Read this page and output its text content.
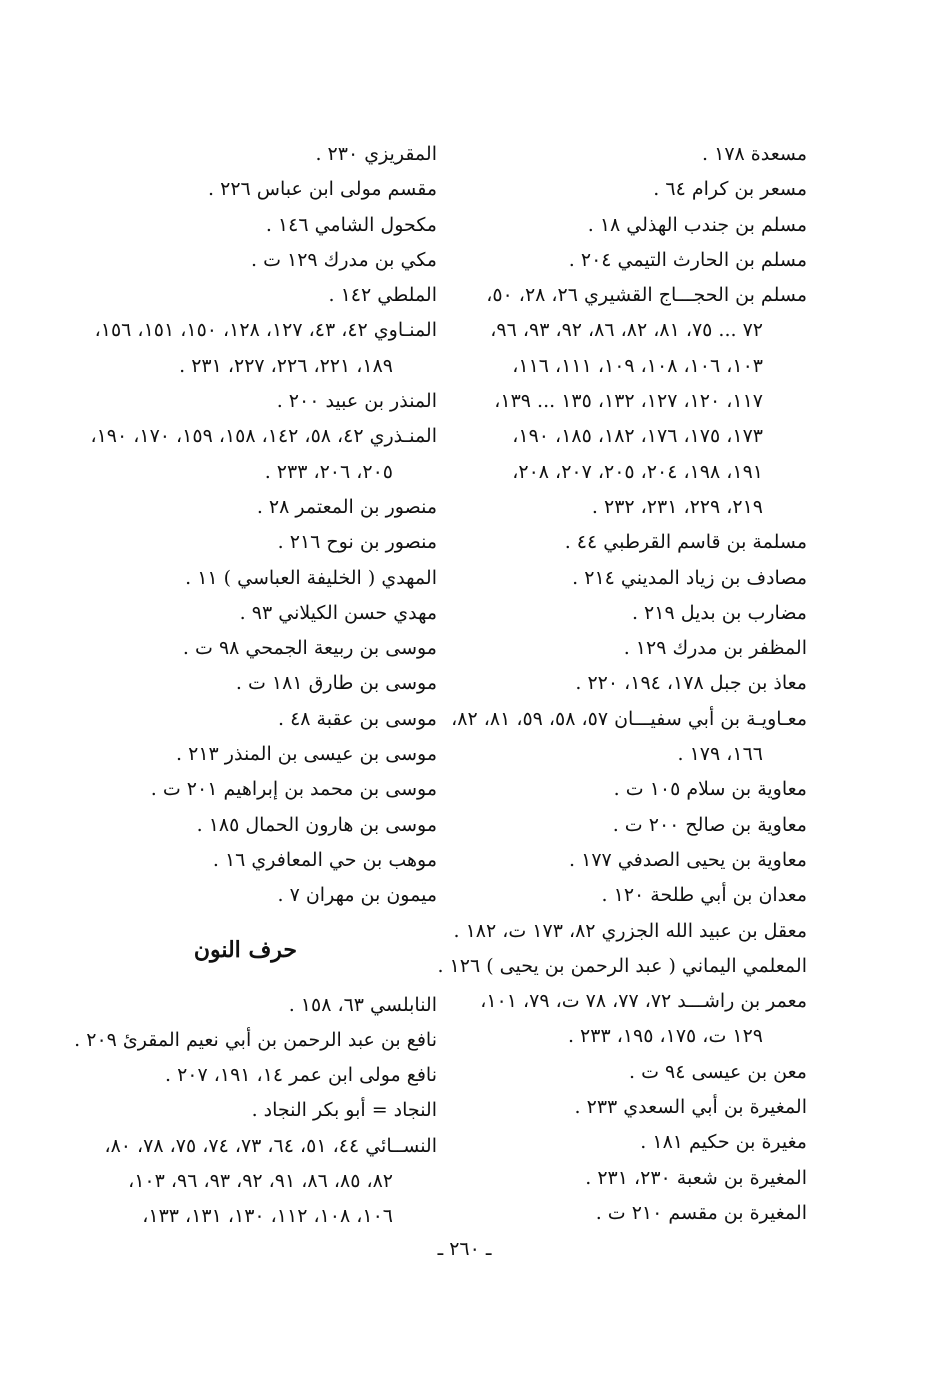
مسعدة ١٧٨ .
مسعر بن كرام ٦٤ .
مسلم بن جندب الهذلي ١٨ .
مسلم بن الحارث التيمي ٢٠٤ .
مسلم بن الحجـــاج القشيري ٢٦، ٢٨، ٥٠،
٧٢ ... ٧٥، ٨١، ٨٢، ٨٦، ٩٢، ٩٣، ٩٦،
١٠٣، ١٠٦، ١٠٨، ١٠٩، ١١١، ١١٦،
١١٧، ١٢٠، ١٢٧، ١٣٢، ١٣٥ ... ١٣٩،
١٧٣، ١٧٥، ١٧٦، ١٨٢، ١٨٥، ١٩٠،
١٩١، ١٩٨، ٢٠٤، ٢٠٥، ٢٠٧، ٢٠٨،
٢١٩، ٢٢٩، ٢٣١، ٢٣٢ .
مسلمة بن قاسم القرطبي ٤٤ .
مصادف بن زياد المديني ٢١٤ .
مضارب بن بديل ٢١٩ .
المظفر بن مدرك ١٢٩ .
معاذ بن جبل ١٧٨، ١٩٤، ٢٢٠ .
معـاويـة بن أبي سفيـــان ٥٧، ٥٨، ٥٩، ٨١، ٨٢،
١٦٦، ١٧٩ .
معاوية بن سلام ١٠٥ ت .
معاوية بن صالح ٢٠٠ ت .
معاوية بن يحيى الصدفي ١٧٧ .
معدان بن أبي طلحة ١٢٠ .
معقل بن عبيد الله الجزري ٨٢، ١٧٣ ت، ١٨٢ .
المعلمي اليماني ( عبد الرحمن بن يحيى ) ١٢٦ .
معمر بن راشـــد ٧٢، ٧٧، ٧٨ ت، ٧٩، ١٠١،
١٢٩ ت، ١٧٥، ١٩٥، ٢٣٣ .
معن بن عيسى ٩٤ ت .
المغيرة بن أبي السعدي ٢٣٣ .
مغيرة بن حكيم ١٨١ .
المغيرة بن شعبة ٢٣٠، ٢٣١ .
المغيرة بن مقسم ٢١٠ ت .
المقريزي ٢٣٠ .
مقسم مولى ابن عباس ٢٢٦ .
مكحول الشامي ١٤٦ .
مكي بن مدرك ١٢٩ ت .
الملطي ١٤٢ .
المنـاوي ٤٢، ٤٣، ١٢٧، ١٢٨، ١٥٠، ١٥١، ١٥٦،
١٨٩، ٢٢١، ٢٢٦، ٢٢٧، ٢٣١ .
المنذر بن عبيد ٢٠٠ .
المنـذري ٤٢، ٥٨، ١٤٢، ١٥٨، ١٥٩، ١٧٠، ١٩٠،
٢٠٥، ٢٠٦، ٢٣٣ .
منصور بن المعتمر ٢٨ .
منصور بن نوح ٢١٦ .
المهدي ( الخليفة العباسي ) ١١ .
مهدي حسن الكيلاني ٩٣ .
موسى بن ربيعة الجمحي ٩٨ ت .
موسى بن طارق ١٨١ ت .
موسى بن عقبة ٤٨ .
موسى بن عيسى بن المنذر ٢١٣ .
موسى بن محمد بن إبراهيم ٢٠١ ت .
موسى بن هارون الحمال ١٨٥ .
موهب بن حي المعافري ١٦ .
ميمون بن مهران ٧ .
حرف النون
النابلسي ٦٣، ١٥٨ .
نافع بن عبد الرحمن بن أبي نعيم المقرئ ٢٠٩ .
نافع مولى ابن عمر ١٤، ١٩١، ٢٠٧ .
النجاد = أبو بكر النجاد .
النســائي ٤٤، ٥١، ٦٤، ٧٣، ٧٤، ٧٥، ٧٨، ٨٠،
٨٢، ٨٥، ٨٦، ٩١، ٩٢، ٩٣، ٩٦، ١٠٣،
١٠٦، ١٠٨، ١١٢، ١٣٠، ١٣١، ١٣٣،
ـ ٢٦٠ ـ
